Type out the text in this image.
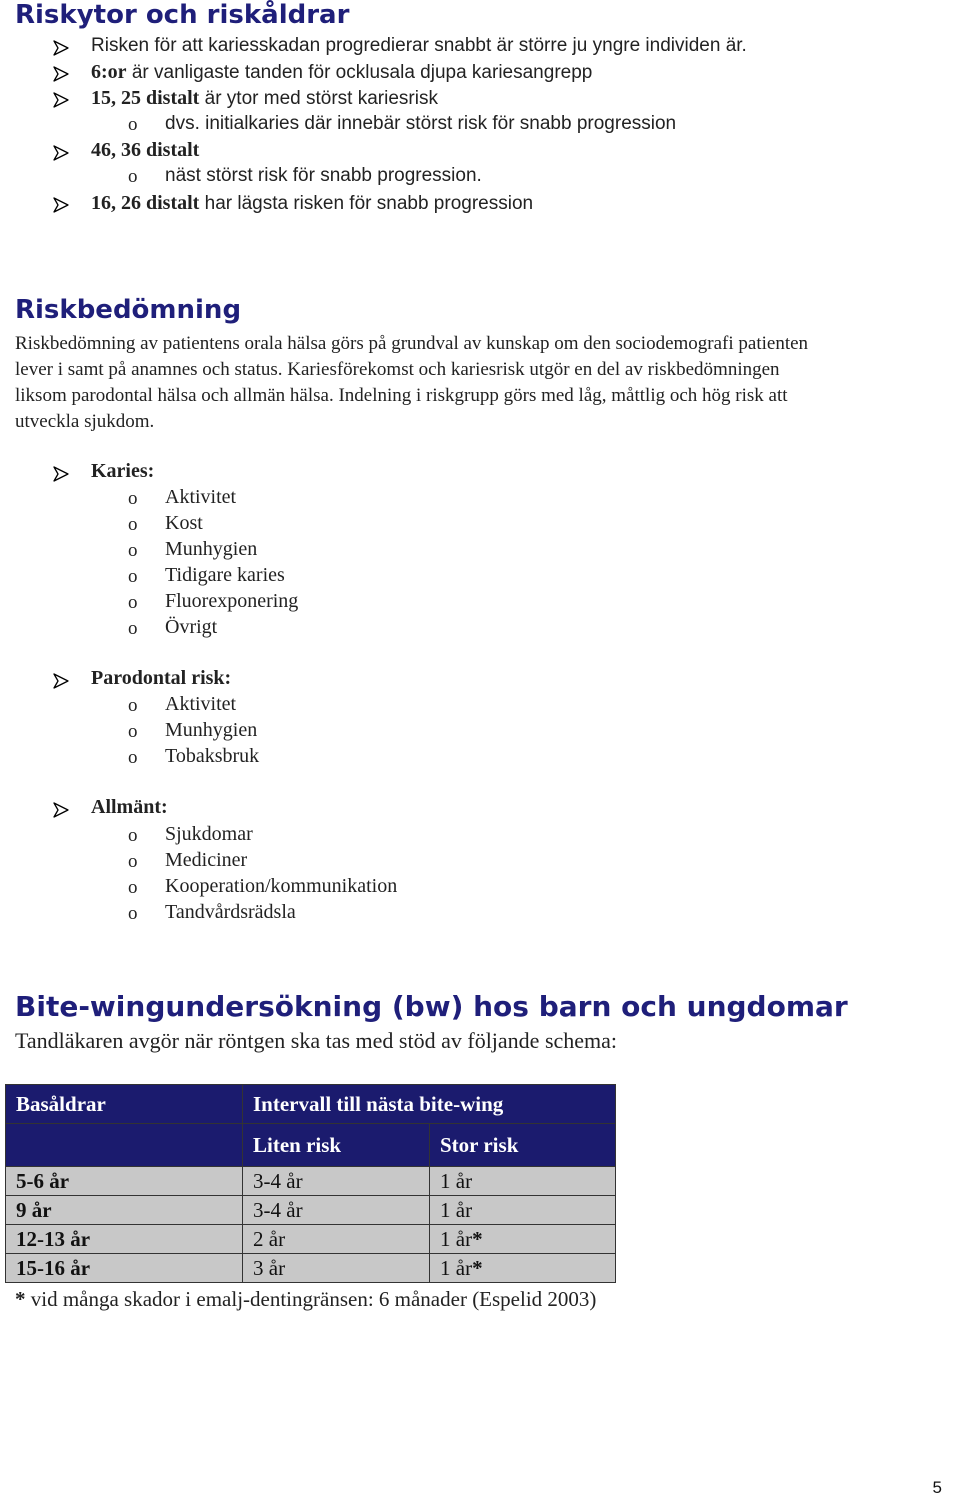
Riskytor och riskåldrar
Risken för att kariesskadan progredierar snabbt är större ju yngre individen är.
6:or är vanligaste tanden för ocklusala djupa kariesangrepp
15, 25 distalt är ytor med störst kariesrisk
o dvs. initialkaries där innebär störst risk för snabb progression
46, 36 distalt
o näst störst risk för snabb progression.
16, 26 distalt har lägsta risken för snabb progression
Riskbedömning
Riskbedömning av patientens orala hälsa görs på grundval av kunskap om den sociodemografi patienten
lever i samt på anamnes och status. Kariesförekomst och kariesrisk utgör en del av riskbedömningen
liksom parodontal hälsa och allmän hälsa. Indelning i riskgrupp görs med låg, måttlig och hög risk att
utveckla sjukdom.
Karies:
o Aktivitet
o Kost
o Munhygien
o Tidigare karies
o Fluorexponering
o Övrigt
Parodontal risk:
o Aktivitet
o Munhygien
o Tobaksbruk
Allmänt:
o Sjukdomar
o Mediciner
o Kooperation/kommunikation
o Tandvårdsrädsla
Bite-wingundersökning (bw) hos barn och ungdomar
Tandläkaren avgör när röntgen ska tas med stöd av följande schema:
Basåldrar	Intervall till nästa bite-wing	
	Liten risk	Stor risk
5-6 år	3-4 år	1 år
9 år	3-4 år	1 år
12-13 år	2 år	1 år*
15-16 år	3 år	1 år*
* vid många skador i emalj-dentingränsen: 6 månader (Espelid 2003)
5
